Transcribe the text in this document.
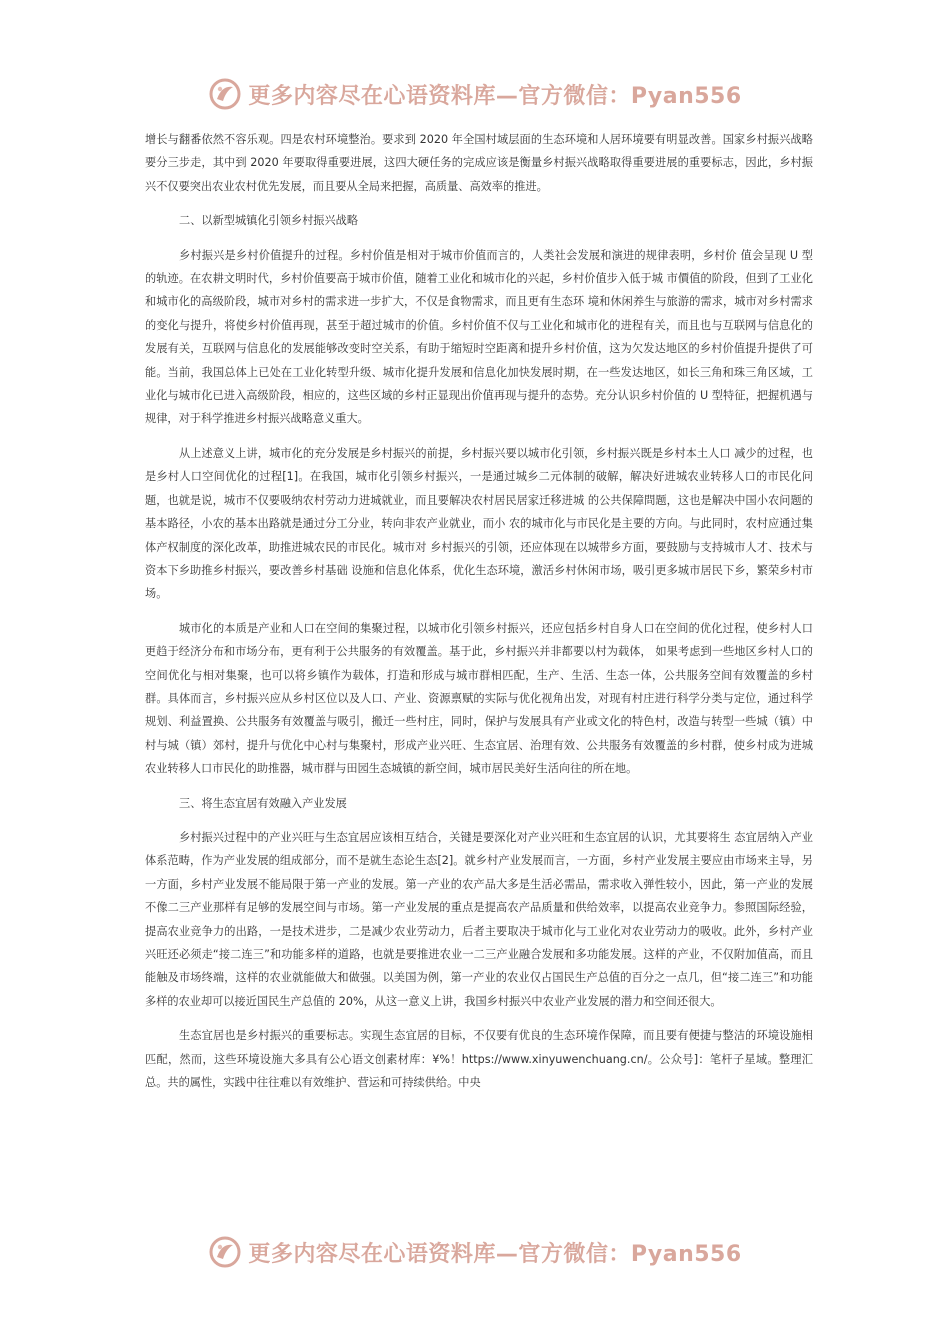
更多内容尽在心语资料库—官方微信：Pyan556

增长与翻番依然不容乐观。四是农村环境整治。要求到 2020 年全国村域层面的生态环境和人居环境要有明显改善。国家乡村振兴战略要分三步走，其中到 2020 年要取得重要进展，这四大硬任务的完成应该是衡量乡村振兴战略取得重要进展的重要标志，因此，乡村振兴不仅要突出农业农村优先发展，而且要从全局来把握，高质量、高效率的推进。

二、以新型城镇化引领乡村振兴战略

乡村振兴是乡村价值提升的过程。乡村价值是相对于城市价值而言的，人类社会发展和演进的规律表明，乡村价 值会呈现 U 型的轨迹。在农耕文明时代，乡村价值要高于城市价值，随着工业化和城市化的兴起，乡村价值步入低于城 市價值的阶段，但到了工业化和城市化的高级阶段，城市对乡村的需求进一步扩大，不仅是食物需求，而且更有生态环 境和休闲养生与旅游的需求，城市对乡村需求的变化与提升，将使乡村价值再现，甚至于超过城市的价值。乡村价值不仅与工业化和城市化的进程有关，而且也与互联网与信息化的发展有关，互联网与信息化的发展能够改变时空关系，有助于缩短时空距离和提升乡村价值，这为欠发达地区的乡村价值提升提供了可能。当前，我国总体上已处在工业化转型升级、城市化提升发展和信息化加快发展时期，在一些发达地区，如长三角和珠三角区域，工业化与城市化已进入高级阶段，相应的，这些区域的乡村正显现出价值再现与提升的态势。充分认识乡村价值的 U 型特征，把握机遇与规律，对于科学推进乡村振兴战略意义重大。

从上述意义上讲，城市化的充分发展是乡村振兴的前提，乡村振兴要以城市化引领，乡村振兴既是乡村本土人口 减少的过程，也是乡村人口空间优化的过程[1]。在我国，城市化引领乡村振兴，一是通过城乡二元体制的破解，解决好进城农业转移人口的市民化问题，也就是说，城市不仅要吸纳农村劳动力进城就业，而且要解决农村居民居家迁移进城 的公共保障問题，这也是解决中国小农问题的基本路径，小农的基本出路就是通过分工分业，转向非农产业就业，而小 农的城市化与市民化是主要的方向。与此同时，农村应通过集体产权制度的深化改革，助推进城农民的市民化。城市对 乡村振兴的引领，还应体现在以城带乡方面，要鼓励与支持城市人才、技术与资本下乡助推乡村振兴，要改善乡村基础 设施和信息化体系，优化生态环境，激活乡村休闲市场，吸引更多城市居民下乡，繁荣乡村市场。

城市化的本质是产业和人口在空间的集聚过程，以城市化引领乡村振兴，还应包括乡村自身人口在空间的优化过程，使乡村人口更趋于经济分布和市场分布，更有利于公共服务的有效覆盖。基于此，乡村振兴并非都要以村为载体， 如果考虑到一些地区乡村人口的空间优化与相对集聚，也可以将乡镇作为载体，打造和形成与城市群相匹配，生产、生活、生态一体，公共服务空间有效覆盖的乡村群。具体而言，乡村振兴应从乡村区位以及人口、产业、资源禀赋的实际与优化视角出发，对现有村庄进行科学分类与定位，通过科学规划、利益置换、公共服务有效覆盖与吸引，搬迁一些村庄，同时，保护与发展具有产业或文化的特色村，改造与转型一些城（镇）中村与城（镇）郊村，提升与优化中心村与集聚村，形成产业兴旺、生态宜居、治理有效、公共服务有效覆盖的乡村群，使乡村成为进城农业转移人口市民化的助推器，城市群与田园生态城镇的新空间，城市居民美好生活向往的所在地。

三、将生态宜居有效融入产业发展

乡村振兴过程中的产业兴旺与生态宜居应该相互结合，关键是要深化对产业兴旺和生态宜居的认识，尤其要将生 态宜居纳入产业体系范畴，作为产业发展的组成部分，而不是就生态论生态[2]。就乡村产业发展而言，一方面，乡村产业发展主要应由市场来主导，另一方面，乡村产业发展不能局限于第一产业的发展。第一产业的农产品大多是生活必需品，需求收入弹性较小，因此，第一产业的发展不像二三产业那样有足够的发展空间与市场。第一产业发展的重点是提高农产品质量和供给效率，以提高农业竞争力。参照国际经验，提高农业竞争力的出路，一是技术进步，二是减少农业劳动力，后者主要取决于城市化与工业化对农业劳动力的吸收。此外，乡村产业兴旺还必须走“接二连三”和功能多样的道路，也就是要推进农业一二三产业融合发展和多功能发展。这样的产业，不仅附加值高，而且能触及市场终端，这样的农业就能做大和做强。以美国为例，第一产业的农业仅占国民生产总值的百分之一点几，但“接二连三”和功能多样的农业却可以接近国民生产总值的 20%，从这一意义上讲，我国乡村振兴中农业产业发展的潜力和空间还很大。

生态宜居也是乡村振兴的重要标志。实现生态宜居的目标，不仅要有优良的生态环境作保障，而且要有便捷与整洁的环境设施相匹配，然而，这些环境设施大多具有公心语文创素材库：¥%！https://www.xinyuwenchuang.cn/。公众号]：笔杆子星域。整理汇总。共的属性，实践中往往难以有效维护、营运和可持续供给。中央

更多内容尽在心语资料库—官方微信：Pyan556
